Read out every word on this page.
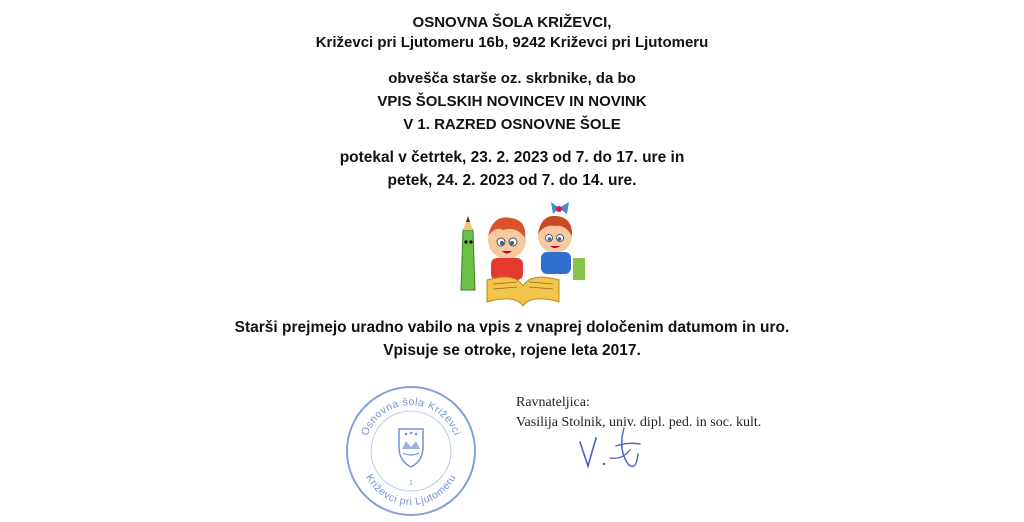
OSNOVNA ŠOLA KRIŽEVCI,
Križevci pri Ljutomeru 16b, 9242 Križevci pri Ljutomeru
obvešča starše oz. skrbnike, da bo
VPIS ŠOLSKIH NOVINCEV IN NOVINK
V 1. RAZRED OSNOVNE ŠOLE
potekal v četrtek, 23. 2. 2023 od 7. do 17. ure in
petek, 24. 2. 2023 od 7. do 14. ure.
Starši prejmejo uradno vabilo na vpis z vnaprej določenim datumom in uro.
Vpisuje se otroke, rojene leta 2017.
Osnovna šola Križevci
Križevci pri Ljutomeru
1
Ravnateljica:
Vasilija Stolnik, univ. dipl. ped. in soc. kult.
